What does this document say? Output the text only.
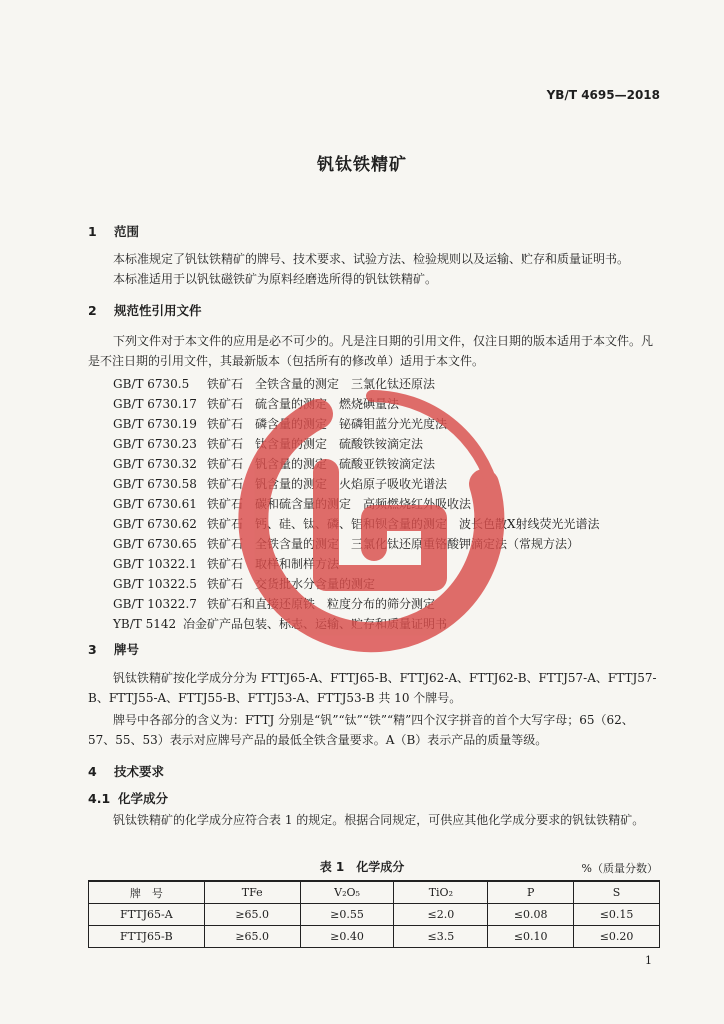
YB/T 4695—2018
钒钛铁精矿
1 范围
本标准规定了钒钛铁精矿的牌号、技术要求、试验方法、检验规则以及运输、贮存和质量证明书。
本标准适用于以钒钛磁铁矿为原料经磨选所得的钒钛铁精矿。
2 规范性引用文件
下列文件对于本文件的应用是必不可少的。凡是注日期的引用文件，仅注日期的版本适用于本文件。凡是不注日期的引用文件，其最新版本（包括所有的修改单）适用于本文件。
GB/T 6730.5 铁矿石　全铁含量的测定　三氯化钛还原法
GB/T 6730.17 铁矿石　硫含量的测定　燃烧碘量法
GB/T 6730.19 铁矿石　磷含量的测定　铋磷钼蓝分光光度法
GB/T 6730.23 铁矿石　钛含量的测定　硫酸铁铵滴定法
GB/T 6730.32 铁矿石　钒含量的测定　硫酸亚铁铵滴定法
GB/T 6730.58 铁矿石　钒含量的测定　火焰原子吸收光谱法
GB/T 6730.61 铁矿石　碳和硫含量的测定　高频燃烧红外吸收法
GB/T 6730.62 铁矿石　钙、硅、钛、磷、铝和钡含量的测定　波长色散X射线荧光光谱法
GB/T 6730.65 铁矿石　全铁含量的测定　三氯化钛还原重铬酸钾滴定法（常规方法）
GB/T 10322.1 铁矿石　取样和制样方法
GB/T 10322.5 铁矿石　交货批水分含量的测定
GB/T 10322.7 铁矿石和直接还原铁　粒度分布的筛分测定
YB/T 5142 冶金矿产品包装、标志、运输、贮存和质量证明书
3 牌号
钒钛铁精矿按化学成分分为 FTTJ65-A、FTTJ65-B、FTTJ62-A、FTTJ62-B、FTTJ57-A、FTTJ57-B、FTTJ55-A、FTTJ55-B、FTTJ53-A、FTTJ53-B 共 10 个牌号。
牌号中各部分的含义为：FTTJ 分别是“钒”“钛”“铁”“精”四个汉字拼音的首个大写字母；65（62、57、55、53）表示对应牌号产品的最低全铁含量要求。A（B）表示产品的质量等级。
4 技术要求
4.1 化学成分
钒钛铁精矿的化学成分应符合表 1 的规定。根据合同规定，可供应其他化学成分要求的钒钛铁精矿。
表 1　化学成分	%（质量分数）
牌　号	TFe	V₂O₅	TiO₂	P	S
FTTJ65-A	≥65.0	≥0.55	≤2.0	≤0.08	≤0.15
FTTJ65-B	≥65.0	≥0.40	≤3.5	≤0.10	≤0.20
1
